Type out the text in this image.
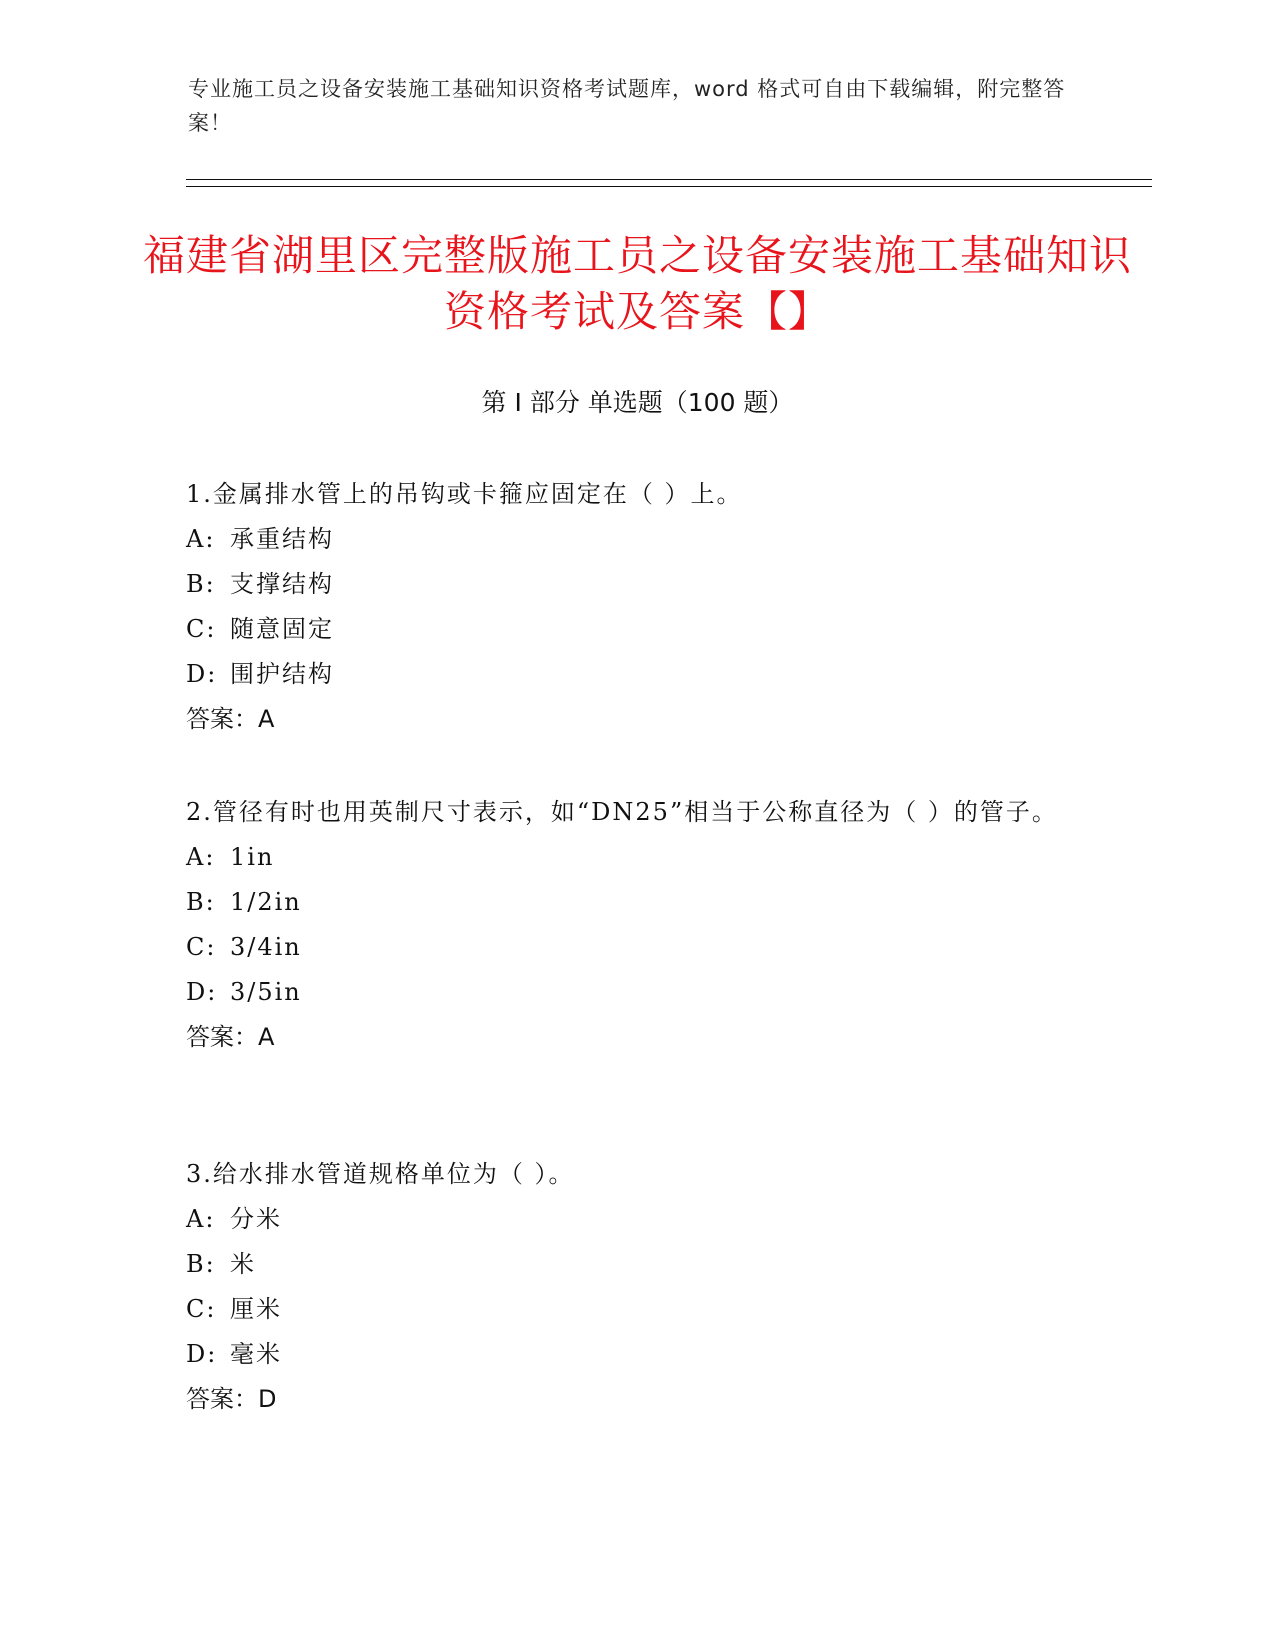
专业施工员之设备安装施工基础知识资格考试题库，word 格式可自由下载编辑，附完整答案！
福建省湖里区完整版施工员之设备安装施工基础知识资格考试及答案【】
第 I 部分 单选题（100 题）

1.金属排水管上的吊钩或卡箍应固定在（ ）上。

A: 承重结构

B: 支撑结构

C: 随意固定

D: 围护结构

答案：A

2.管径有时也用英制尺寸表示，如“DN25”相当于公称直径为（ ）的管子。

A: 1in

B: 1/2in

C: 3/4in

D: 3/5in

答案：A

3.给水排水管道规格单位为（ ）。

A: 分米

B: 米

C: 厘米

D: 毫米

答案：D
